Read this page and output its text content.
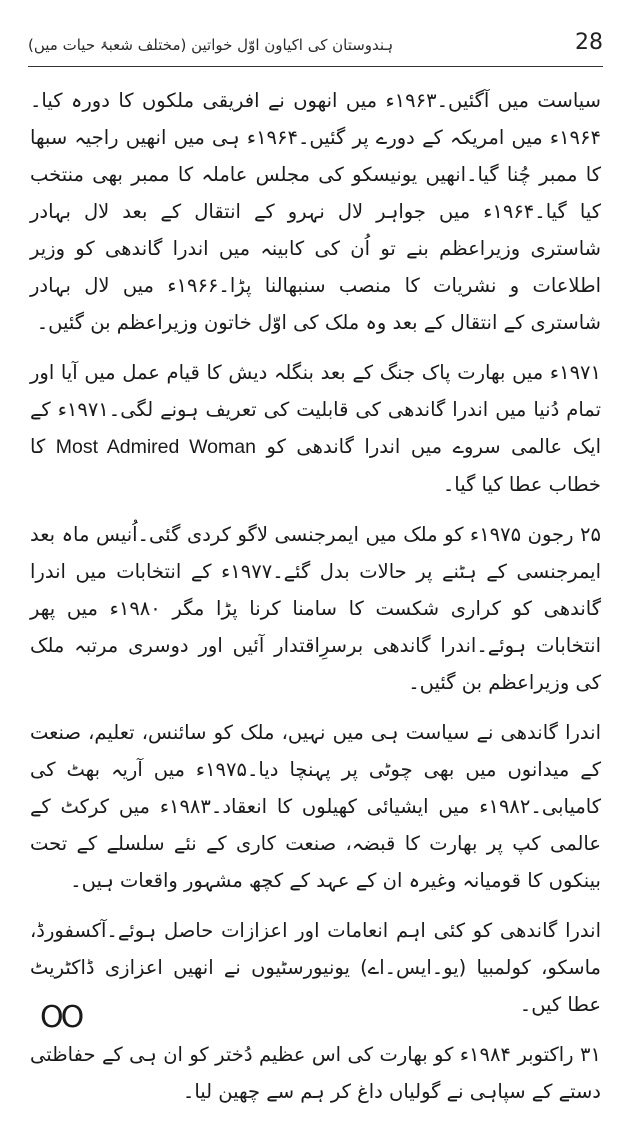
ہندوستان کی اکیاون اوّل خواتین (مختلف شعبۂ حیات میں)	28

سیاست میں آگئیں۔۱۹۶۳ء میں انھوں نے افریقی ملکوں کا دورہ کیا۔۱۹۶۴ء میں امریکہ کے دورے پر گئیں۔۱۹۶۴ء ہی میں انھیں راجیہ سبھا کا ممبر چُنا گیا۔انھیں یونیسکو کی مجلس عاملہ کا ممبر بھی منتخب کیا گیا۔۱۹۶۴ء میں جواہر لال نہرو کے انتقال کے بعد لال بہادر شاستری وزیراعظم بنے تو اُن کی کابینہ میں اندرا گاندھی کو وزیر اطلاعات و نشریات کا منصب سنبھالنا پڑا۔۱۹۶۶ء میں لال بہادر شاستری کے انتقال کے بعد وہ ملک کی اوّل خاتون وزیراعظم بن گئیں۔

۱۹۷۱ء میں بھارت پاک جنگ کے بعد بنگلہ دیش کا قیام عمل میں آیا اور تمام دُنیا میں اندرا گاندھی کی قابلیت کی تعریف ہونے لگی۔۱۹۷۱ء کے ایک عالمی سروے میں اندرا گاندھی کو Most Admired Woman کا خطاب عطا کیا گیا۔

۲۵ رجون ۱۹۷۵ء کو ملک میں ایمرجنسی لاگو کردی گئی۔اُنیس ماہ بعد ایمرجنسی کے ہٹنے پر حالات بدل گئے۔۱۹۷۷ء کے انتخابات میں اندرا گاندھی کو کراری شکست کا سامنا کرنا پڑا مگر ۱۹۸۰ء میں پھر انتخابات ہوئے۔اندرا گاندھی برسرِاقتدار آئیں اور دوسری مرتبہ ملک کی وزیراعظم بن گئیں۔

اندرا گاندھی نے سیاست ہی میں نہیں، ملک کو سائنس، تعلیم، صنعت کے میدانوں میں بھی چوٹی پر پہنچا دیا۔۱۹۷۵ء میں آریہ بھٹ کی کامیابی۔۱۹۸۲ء میں ایشیائی کھیلوں کا انعقاد۔۱۹۸۳ء میں کرکٹ کے عالمی کپ پر بھارت کا قبضہ، صنعت کاری کے نئے سلسلے کے تحت بینکوں کا قومیانہ وغیرہ ان کے عہد کے کچھ مشہور واقعات ہیں۔

اندرا گاندھی کو کئی اہم انعامات اور اعزازات حاصل ہوئے۔آکسفورڈ، ماسکو، کولمبیا (یو۔ایس۔اے) یونیورسٹیوں نے انھیں اعزازی ڈاکٹریٹ عطا کیں۔

۳۱ راکتوبر ۱۹۸۴ء کو بھارت کی اس عظیم دُختر کو ان ہی کے حفاظتی دستے کے سپاہی نے گولیاں داغ کر ہم سے چھین لیا۔

OO
